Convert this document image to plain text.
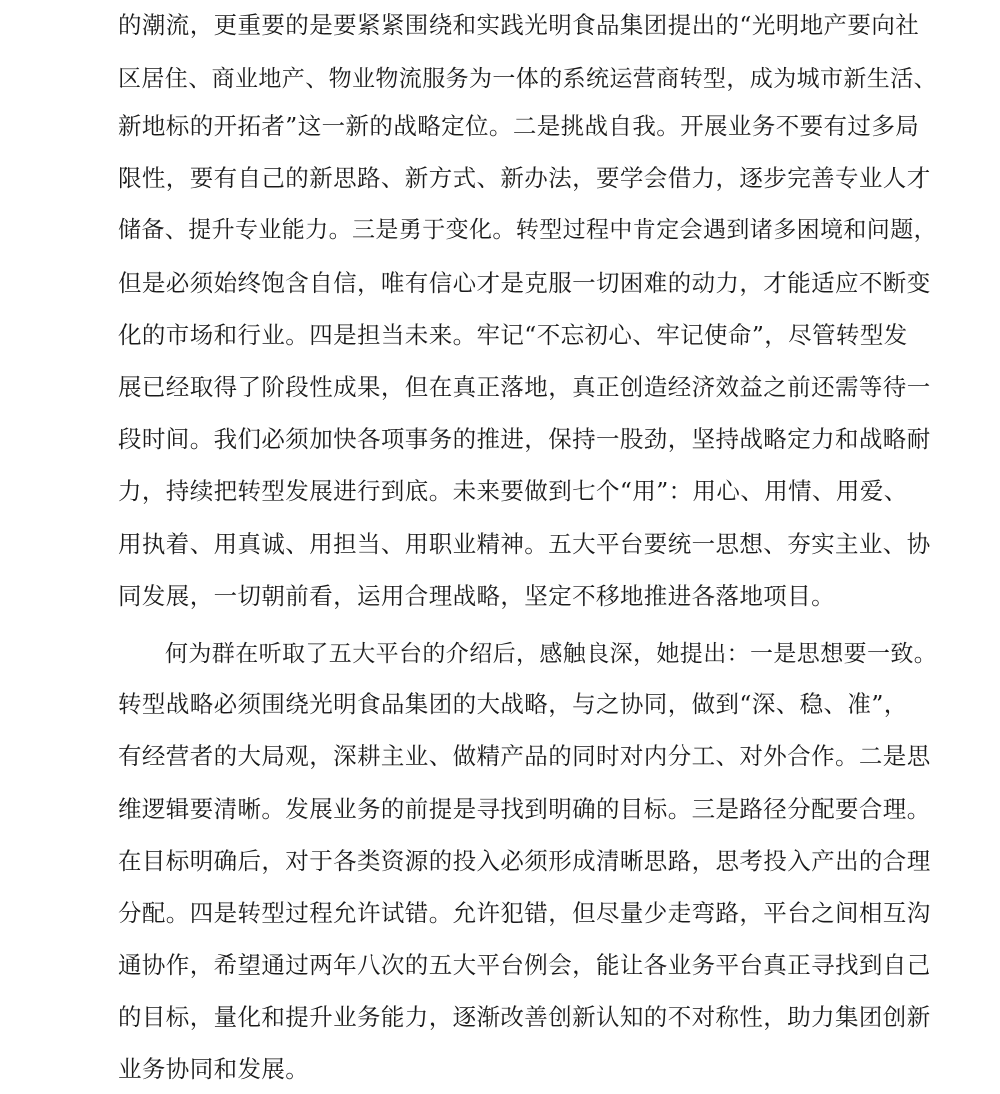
的潮流，更重要的是要紧紧围绕和实践光明食品集团提出的“光明地产要向社

区居住、商业地产、物业物流服务为一体的系统运营商转型，成为城市新生活、

新地标的开拓者”这一新的战略定位。二是挑战自我。开展业务不要有过多局

限性，要有自己的新思路、新方式、新办法，要学会借力，逐步完善专业人才

储备、提升专业能力。三是勇于变化。转型过程中肯定会遇到诸多困境和问题，

但是必须始终饱含自信，唯有信心才是克服一切困难的动力，才能适应不断变

化的市场和行业。四是担当未来。牢记“不忘初心、牢记使命”，尽管转型发

展已经取得了阶段性成果，但在真正落地，真正创造经济效益之前还需等待一

段时间。我们必须加快各项事务的推进，保持一股劲，坚持战略定力和战略耐

力，持续把转型发展进行到底。未来要做到七个“用”：用心、用情、用爱、

用执着、用真诚、用担当、用职业精神。五大平台要统一思想、夯实主业、协

同发展，一切朝前看，运用合理战略，坚定不移地推进各落地项目。

何为群在听取了五大平台的介绍后，感触良深，她提出：一是思想要一致。

转型战略必须围绕光明食品集团的大战略，与之协同，做到“深、稳、准”，

有经营者的大局观，深耕主业、做精产品的同时对内分工、对外合作。二是思

维逻辑要清晰。发展业务的前提是寻找到明确的目标。三是路径分配要合理。

在目标明确后，对于各类资源的投入必须形成清晰思路，思考投入产出的合理

分配。四是转型过程允许试错。允许犯错，但尽量少走弯路，平台之间相互沟

通协作，希望通过两年八次的五大平台例会，能让各业务平台真正寻找到自己

的目标，量化和提升业务能力，逐渐改善创新认知的不对称性，助力集团创新

业务协同和发展。
